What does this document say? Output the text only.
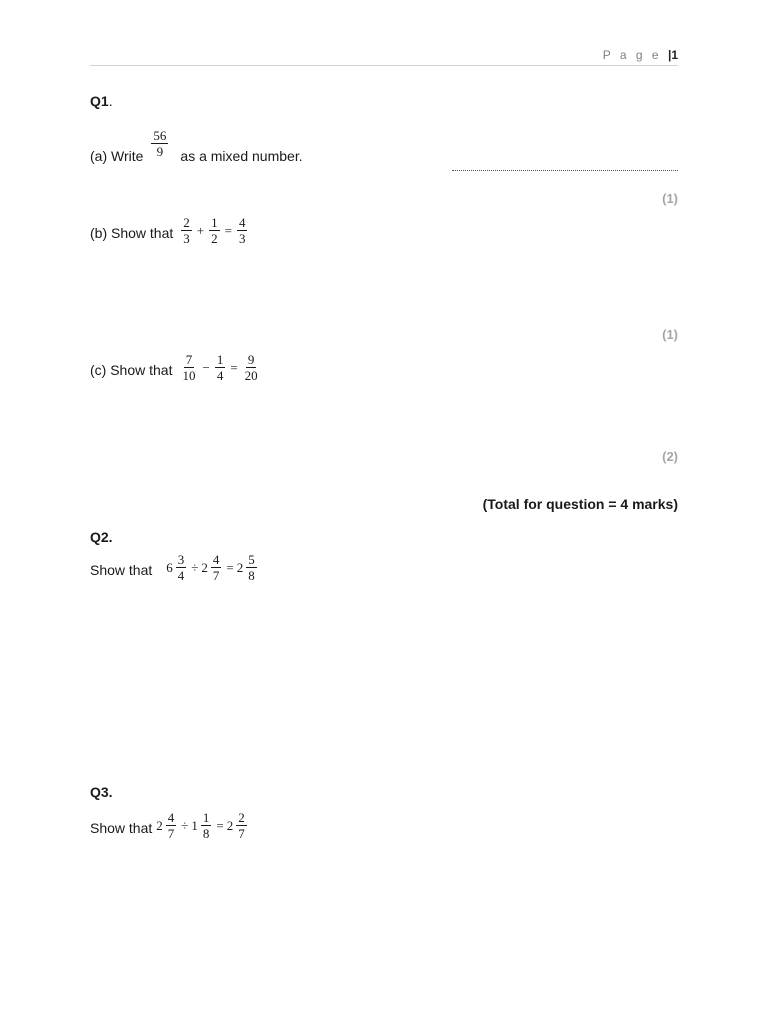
P a g e |1
Q1.
(a) Write $\frac{56}{9}$ as a mixed number.
(1)
(b) Show that $\frac{2}{3} + \frac{1}{2} = \frac{4}{3}$
(1)
(c) Show that $\frac{7}{10} - \frac{1}{4} = \frac{9}{20}$
(2)
(Total for question = 4 marks)
Q2.
Show that $6 \frac{3}{4} \div 2 \frac{4}{7} = 2 \frac{5}{8}$
Q3.
Show that $2 \frac{4}{7} \div 1 \frac{1}{8} = 2 \frac{2}{7}$
